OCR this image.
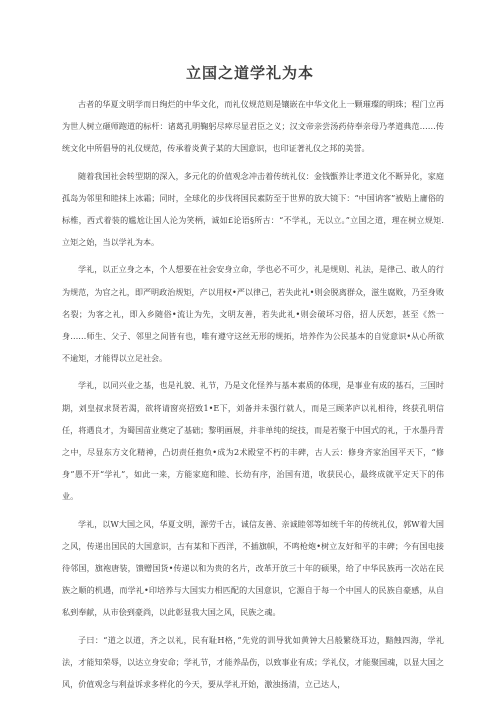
立国之道学礼为本

古者的华夏文明学而日绚烂的中华文化，而礼仪规范则是镶嵌在中华文化上一颗璀璨的明珠；程门立再为世人树立砸师跑道的标杆：诸葛孔明鞠躬尽瘁尽显君臣之义；汉文帝亲尝汤药侍奉亲母乃孝道典范……传统文化中所倡导的礼仪规范，传承着炎黄子某的大国意识，也印证著礼仪之邦的美誉。

随着我国社会转型期的深入，多元化的价值观念冲击着传统礼仪：金钱甑养让孝道文化不断异化，家庭孤岛为邻里和睦抹上冰霜；同时，全球化的步伐将国民素防至于世界的放大镜下：“中国讷客”被贴上庸俗的标椎，西式着装的尴尬让国人沦为笑柄，诚如£论语§所古：“不学礼，无以立。”立国之道，理在树立规矩. 立矩之始，当以学礼为本。

学礼，以正立身之本，个人想要在社会安身立命，学也必不可少，礼是规则、礼法，是律己、敢人的行为规范，为官之礼，即严明政治规矩，产以用权•严以律己，若失此礼•则会脱离群众，滋生腐败，乃至身败名裂；为客之礼，即入乡随俗•流让为先，文明友善，若失此礼•则会破坏习俗，招人厌恕，甚至《然一身……师生、父子、邻里之间皆有也，唯有遵守这丝无形的规拓，培养作为公民基本的自觉意识•从心所欲不逾矩，才能得以立足社会。

学礼，以同兴业之基，也是礼貌、礼节，乃是文化怪养与基本素质的体现，是事业有成的基石，三国时期，刘皇叔求贤若渴，欲将请窗亮招致1•E下，刘备并未强行就人，而是三顾茅庐以礼相待，终获孔明信任，将遇良才，为蜀国苗业奠定了基础；黎明画展，并非单纯的绽技，而是若聚于中国式的礼，于水墨丹青之中，尽显东方文化精神，凸切责任抱负•成为2术殿堂不朽的丰碑，古人云：修身齐家治国平天下，“修身”愚不开“学礼”，如此一来，方能家庭和睦、长幼有序，治国有道，收获民心，最终成就平定天下的伟业。

学礼，以W大国之风，华夏文明，源劳千古，诚信友善、亲诚睦邻等如统千年的传统礼仪，郭W着大国之风，传递出国民的大国意识，古有某和下西洋，不插旗帜，不鸣枪炮•树立友好和平的丰碑；今有国电接待邻国，旗袍唐装，馈赠国货•传递以和为贵的名片，改革开放三十年的硕果，给了中华民族再一次站在民族之顺的机遇，而学礼•印培养与大国实力相匹配的大国意识，它源自于每一个中国人的民族自豪感，从自私到奉献，从市侩到豪尚，以此彰显我大国之风，民族之魂。

子曰：“道之以道，齐之以礼，民有耻H格，”先党的训导犹如黄钟大吕般繁绕耳边，黯蝕四海，学礼法，才能知荣辱，以达立身安命；学礼节，才能养品伤，以致事业有成；学礼仪，才能聚国魂，以显大国之风，价值观念与利益诉求多样化的今天，要从学礼开始，激浊扬清，立己达人，
